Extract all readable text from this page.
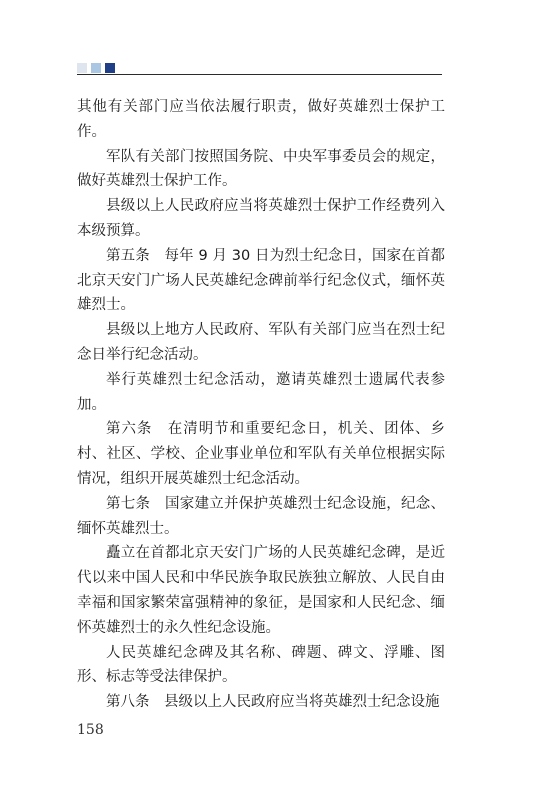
其他有关部门应当依法履行职责，做好英雄烈士保护工作。

军队有关部门按照国务院、中央军事委员会的规定，做好英雄烈士保护工作。

县级以上人民政府应当将英雄烈士保护工作经费列入本级预算。

第五条　每年 9 月 30 日为烈士纪念日，国家在首都北京天安门广场人民英雄纪念碑前举行纪念仪式，缅怀英雄烈士。

县级以上地方人民政府、军队有关部门应当在烈士纪念日举行纪念活动。

举行英雄烈士纪念活动，邀请英雄烈士遗属代表参加。

第六条　在清明节和重要纪念日，机关、团体、乡村、社区、学校、企业事业单位和军队有关单位根据实际情况，组织开展英雄烈士纪念活动。

第七条　国家建立并保护英雄烈士纪念设施，纪念、缅怀英雄烈士。

矗立在首都北京天安门广场的人民英雄纪念碑，是近代以来中国人民和中华民族争取民族独立解放、人民自由幸福和国家繁荣富强精神的象征，是国家和人民纪念、缅怀英雄烈士的永久性纪念设施。

人民英雄纪念碑及其名称、碑题、碑文、浮雕、图形、标志等受法律保护。

第八条　县级以上人民政府应当将英雄烈士纪念设施

158
